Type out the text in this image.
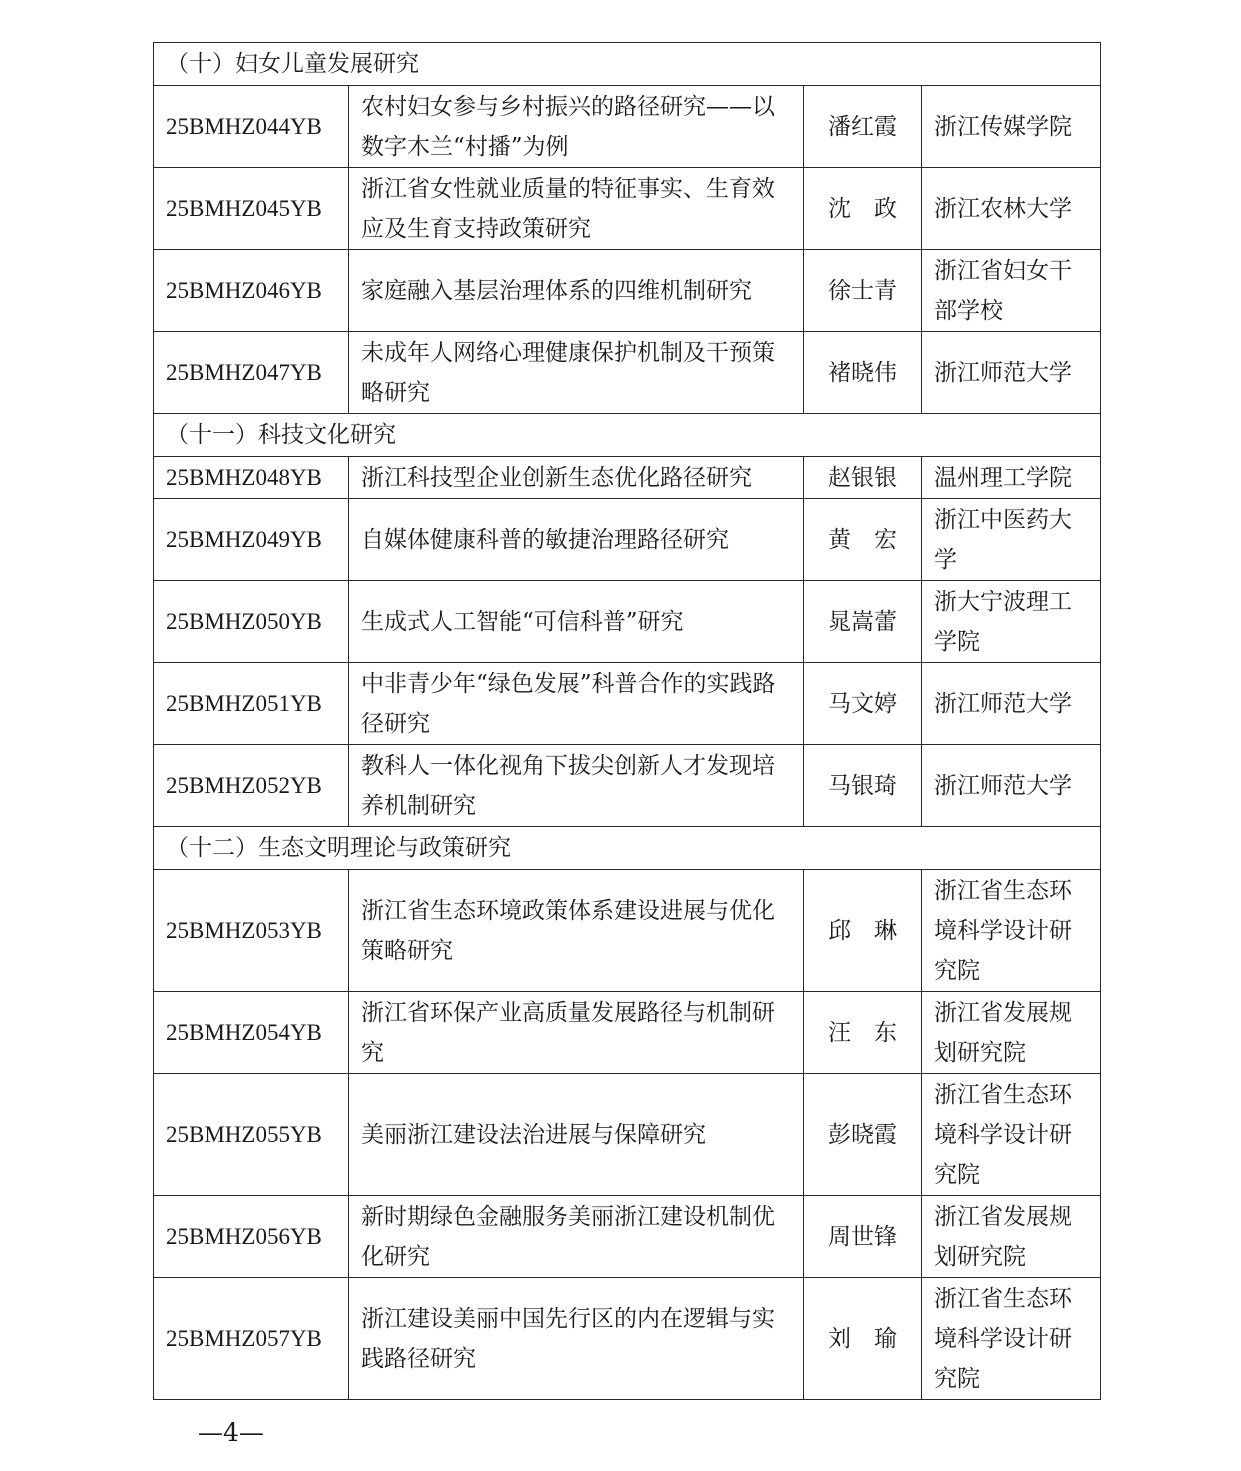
（十）妇女儿童发展研究			
25BMHZ044YB	农村妇女参与乡村振兴的路径研究——以数字木兰“村播”为例	潘红霞	浙江传媒学院
25BMHZ045YB	浙江省女性就业质量的特征事实、生育效应及生育支持政策研究	沈　政	浙江农林大学
25BMHZ046YB	家庭融入基层治理体系的四维机制研究	徐士青	浙江省妇女干部学校
25BMHZ047YB	未成年人网络心理健康保护机制及干预策略研究	褚晓伟	浙江师范大学
（十一）科技文化研究			
25BMHZ048YB	浙江科技型企业创新生态优化路径研究	赵银银	温州理工学院
25BMHZ049YB	自媒体健康科普的敏捷治理路径研究	黄　宏	浙江中医药大学
25BMHZ050YB	生成式人工智能“可信科普”研究	晁嵩蕾	浙大宁波理工学院
25BMHZ051YB	中非青少年“绿色发展”科普合作的实践路径研究	马文婷	浙江师范大学
25BMHZ052YB	教科人一体化视角下拔尖创新人才发现培养机制研究	马银琦	浙江师范大学
（十二）生态文明理论与政策研究			
25BMHZ053YB	浙江省生态环境政策体系建设进展与优化策略研究	邱　琳	浙江省生态环境科学设计研究院
25BMHZ054YB	浙江省环保产业高质量发展路径与机制研究	汪　东	浙江省发展规划研究院
25BMHZ055YB	美丽浙江建设法治进展与保障研究	彭晓霞	浙江省生态环境科学设计研究院
25BMHZ056YB	新时期绿色金融服务美丽浙江建设机制优化研究	周世锋	浙江省发展规划研究院
25BMHZ057YB	浙江建设美丽中国先行区的内在逻辑与实践路径研究	刘　瑜	浙江省生态环境科学设计研究院
—4—
